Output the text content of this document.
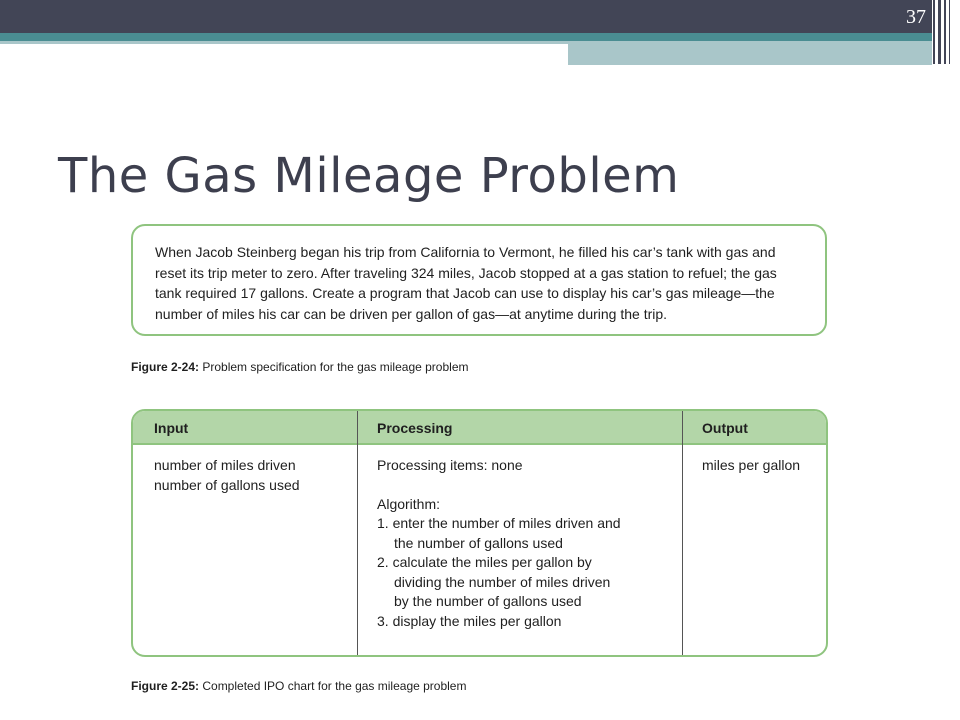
37
The Gas Mileage Problem
When Jacob Steinberg began his trip from California to Vermont, he filled his car’s tank with gas and reset its trip meter to zero. After traveling 324 miles, Jacob stopped at a gas station to refuel; the gas tank required 17 gallons. Create a program that Jacob can use to display his car’s gas mileage—the number of miles his car can be driven per gallon of gas—at anytime during the trip.
Figure 2-24: Problem specification for the gas mileage problem
Input	Processing	Output
number of miles driven
number of gallons used
Processing items: none
Algorithm:
1. enter the number of miles driven and
the number of gallons used
2. calculate the miles per gallon by
dividing the number of miles driven
by the number of gallons used
3. display the miles per gallon
miles per gallon
Figure 2-25: Completed IPO chart for the gas mileage problem
